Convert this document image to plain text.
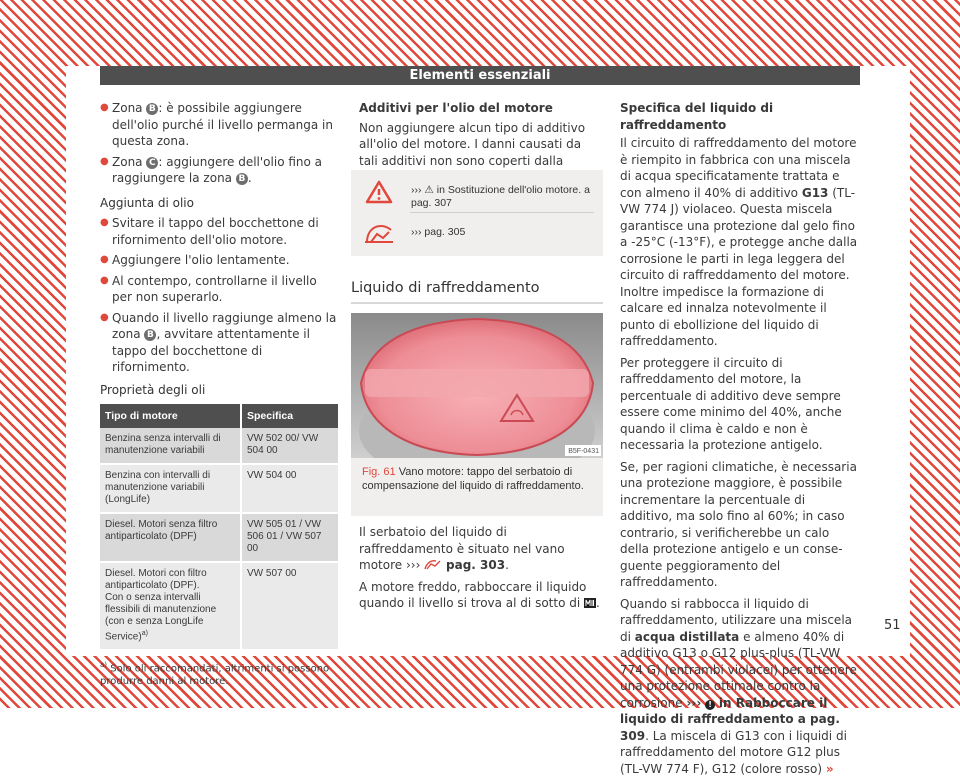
Elementi essenziali
● Zona B : è possibile aggiungere dell'olio purché il livello permanga in questa zona.
● Zona C : aggiungere dell'olio fino a raggiungere la zona B .
Aggiunta di olio
● Svitare il tappo del bocchettone di rifornimento dell'olio motore.
● Aggiungere l'olio lentamente.
● Al contempo, controllarne il livello per non superarlo.
● Quando il livello raggiunge almeno la zona B , avvitare attentamente il tappo del bocchettone di rifornimento.
Proprietà degli oli
Tipo di motore	Specifica
Benzina senza intervalli di manutenzione variabili	VW 502 00/ VW 504 00
Benzina con intervalli di manutenzione variabili (LongLife)	VW 504 00
Diesel. Motori senza filtro antiparticolato (DPF)	VW 505 01 / VW 506 01 / VW 507 00
Diesel. Motori con filtro antiparticolato (DPF).
Con o senza intervalli flessibili di manutenzione (con e senza LongLife Service)$^{a)}$	VW 507 00
$^{a)}$ Solo oli raccomandati, altrimenti si possono produrre danni al motore.
Additivi per l'olio del motore

Non aggiungere alcun tipo di additivo all'olio del motore. I danni causati da tali additivi non sono coperti dalla

››› ⚠ in Sostituzione dell'olio motore. a pag. 307
››› pag. 305
Liquido di raffreddamento
B5F-0431
Fig. 61 Vano motore: tappo del serbatoio di compensazione del liquido di raffreddamento.

Il serbatoio del liquido di raffreddamento è situato nel vano motore ›››  pag. 303.

A motore freddo, rabboccare il liquido quando il livello si trova al di sotto di .

Specifica del liquido di raffreddamento

Il circuito di raffreddamento del motore è riempito in fabbrica con una miscela di acqua specificatamente trattata e con almeno il 40% di additivo G13 (TL-VW 774 J) violaceo. Questa miscela garantisce una protezione dal gelo fino a -25°C (-13°F), e protegge anche dalla corrosione le parti in lega leggera del circuito di raffreddamento del motore. Inoltre impedisce la formazione di calcare ed innalza notevolmente il punto di ebollizione del liquido di raffreddamento.

Per proteggere il circuito di raffreddamento del motore, la percentuale di additivo deve sempre essere come minimo del 40%, anche quando il clima è caldo e non è necessaria la protezione antigelo.

Se, per ragioni climatiche, è necessaria una protezione maggiore, è possibile incrementare la percentuale di additivo, ma solo fino al 60%; in caso contrario, si verificherebbe un calo della protezione antigelo e un conseguente peggioramento del raffreddamento.

Quando si rabbocca il liquido di raffreddamento, utilizzare una miscela di acqua distillata e almeno 40% di additivo G13 o G12 plus-plus (TL-VW 774 G) (entrambi violacei) per ottenere una protezione ottimale contro la corrosione ››› ! in Rabboccare il liquido di raffreddamento a pag. 309. La miscela di G13 con i liquidi di raffreddamento del motore G12 plus (TL-VW 774 F), G12 (colore rosso) »

51
